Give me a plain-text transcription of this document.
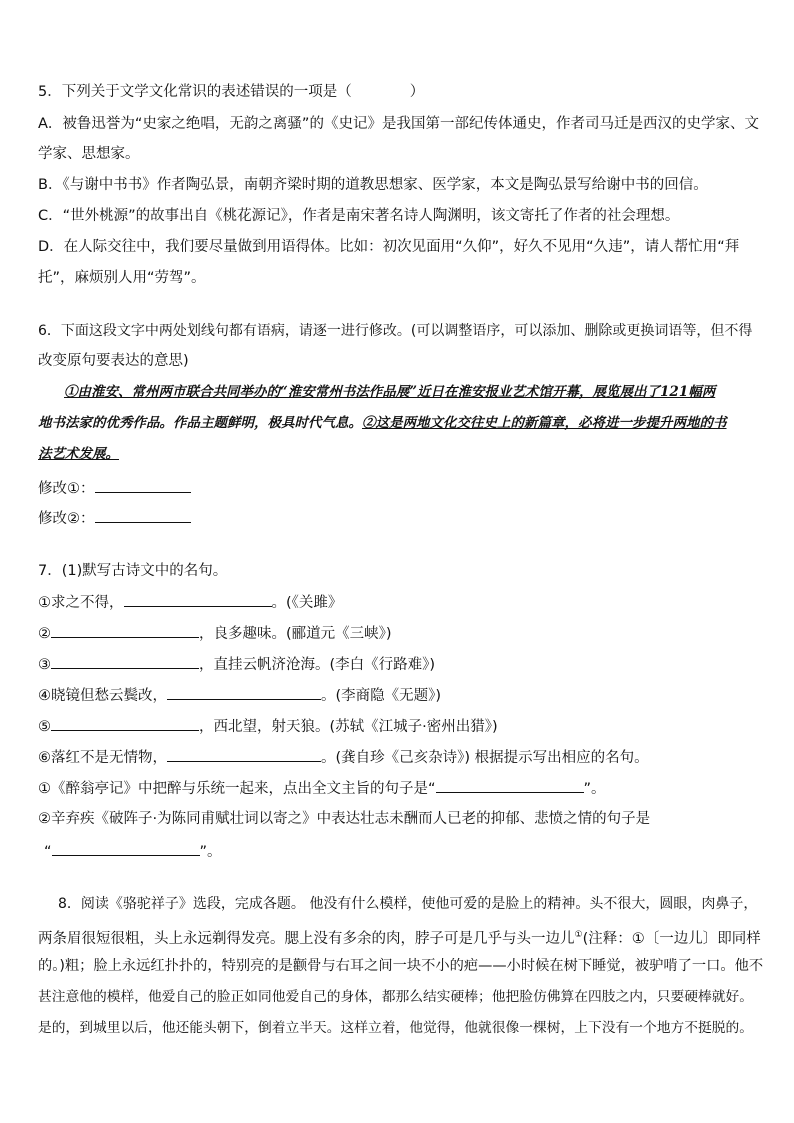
5．下列关于文学文化常识的表述错误的一项是（　　　　）
A．被鲁迅誉为“史家之绝唱，无韵之离骚”的《史记》是我国第一部纪传体通史，作者司马迁是西汉的史学家、文
学家、思想家。
B．《与谢中书书》作者陶弘景，南朝齐梁时期的道教思想家、医学家，本文是陶弘景写给谢中书的回信。
C．“世外桃源”的故事出自《桃花源记》，作者是南宋著名诗人陶渊明，该文寄托了作者的社会理想。
D．在人际交往中，我们要尽量做到用语得体。比如：初次见面用“久仰”，好久不见用“久违”，请人帮忙用“拜
托”，麻烦别人用“劳驾”。
6．下面这段文字中两处划线句都有语病，请逐一进行修改。(可以调整语序，可以添加、删除或更换词语等，但不得
改变原句要表达的意思)
①由淮安、常州两市联合共同举办的“淮安常州书法作品展”近日在淮安报业艺术馆开幕，展览展出了121幅两
地书法家的优秀作品。作品主题鲜明，极具时代气息。②这是两地文化交往史上的新篇章，必将进一步提升两地的书
法艺术发展。
修改①：
修改②：
7．(1)默写古诗文中的名句。
①求之不得，	。(《关雎》
②	，良多趣味。(郦道元《三峡》)
③	，直挂云帆济沧海。(李白《行路难》)
④晓镜但愁云鬓改，	。(李商隐《无题》)
⑤	，西北望，射天狼。(苏轼《江城子·密州出猎》)
⑥落红不是无情物，	。(龚自珍《己亥杂诗》) 根据提示写出相应的名句。
①《醉翁亭记》中把醉与乐统一起来，点出全文主旨的句子是“	”。
②辛弃疾《破阵子·为陈同甫赋壮词以寄之》中表达壮志未酬而人已老的抑郁、悲愤之情的句子是
“	”。
8．阅读《骆驼祥子》选段，完成各题。 他没有什么模样，使他可爱的是脸上的精神。头不很大，圆眼，肉鼻子，
两条眉很短很粗，头上永远剃得发亮。腮上没有多余的肉，脖子可是几乎与头一边儿①(注释：①〔一边儿〕即同样
的。)粗；脸上永远红扑扑的，特别亮的是颧骨与右耳之间一块不小的疤——小时候在树下睡觉，被驴啃了一口。他不
甚注意他的模样，他爱自己的脸正如同他爱自己的身体，都那么结实硬棒；他把脸仿佛算在四肢之内，只要硬棒就好。
是的，到城里以后，他还能头朝下，倒着立半天。这样立着，他觉得，他就很像一棵树，上下没有一个地方不挺脱的。
